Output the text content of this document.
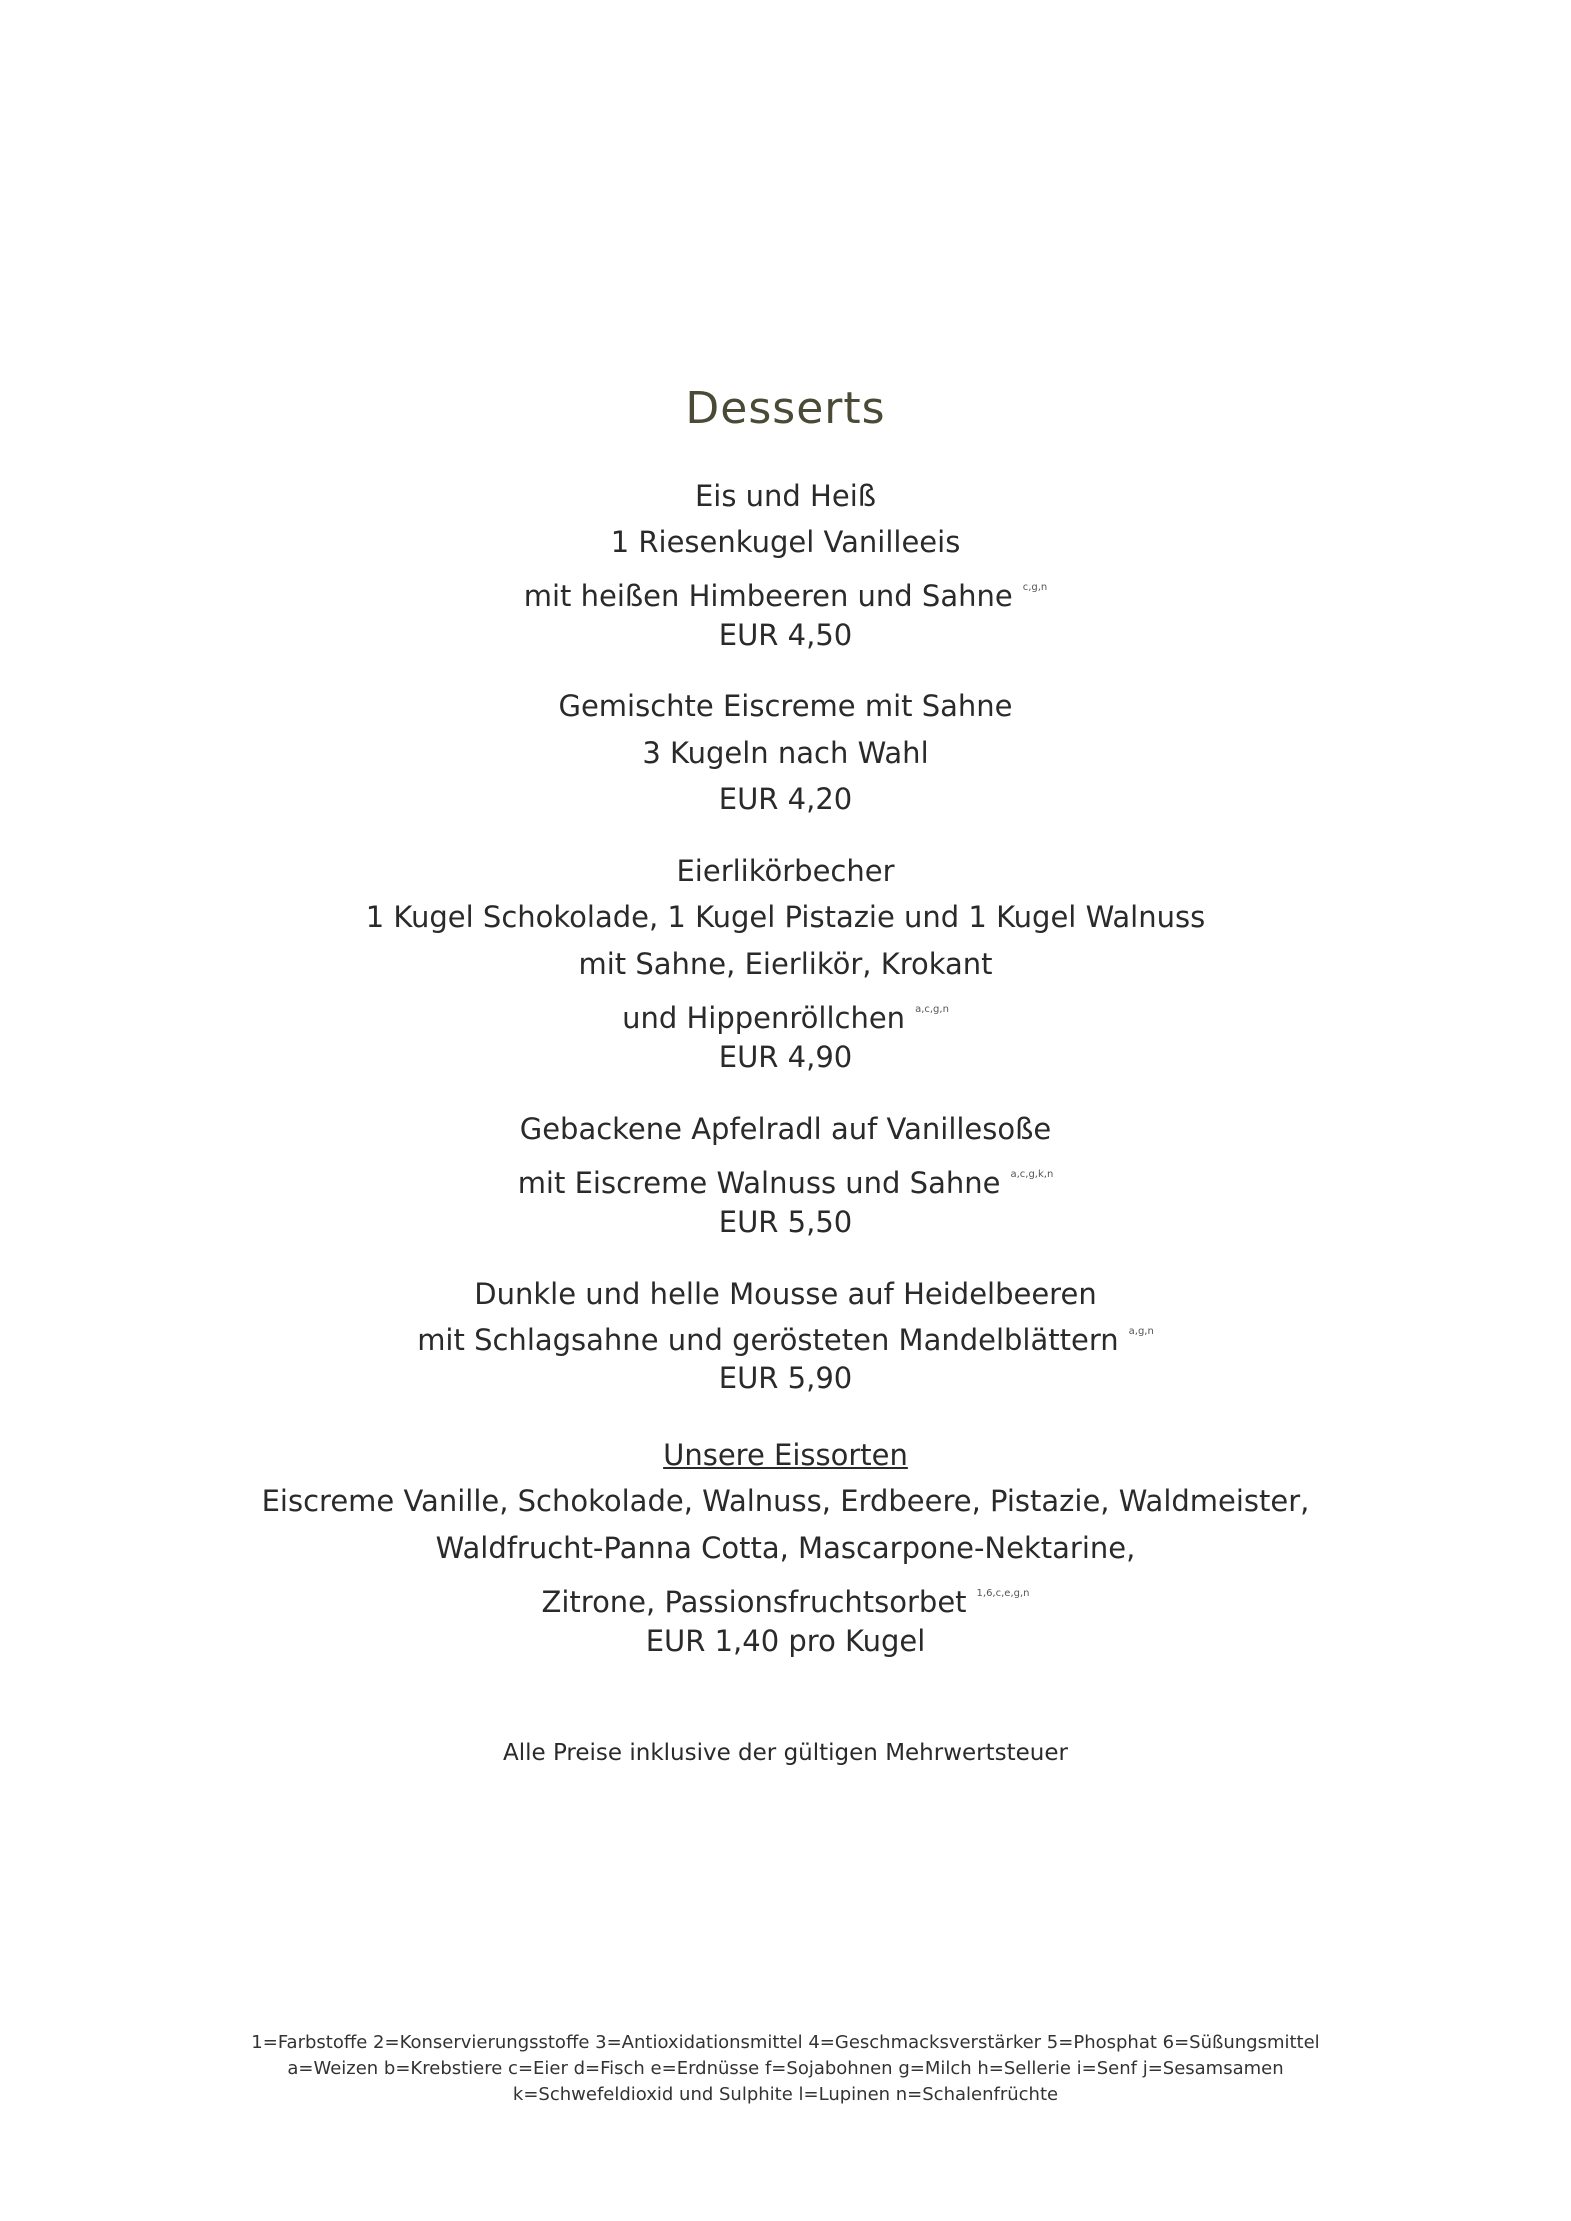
Desserts
Eis und Heiß
1 Riesenkugel Vanilleeis
mit heißen Himbeeren und Sahne $^{c,g,n}$
EUR 4,50
Gemischte Eiscreme mit Sahne
3 Kugeln nach Wahl
EUR 4,20
Eierlikörbecher
1 Kugel Schokolade, 1 Kugel Pistazie und 1 Kugel Walnuss
mit Sahne, Eierlikör, Krokant
und Hippenröllchen $^{a,c,g,n}$
EUR 4,90
Gebackene Apfelradl auf Vanillesoße
mit Eiscreme Walnuss und Sahne $^{a,c,g,k,n}$
EUR 5,50
Dunkle und helle Mousse auf Heidelbeeren
mit Schlagsahne und gerösteten Mandelblättern $^{a,g,n}$
EUR 5,90
Unsere Eissorten
Eiscreme Vanille, Schokolade, Walnuss, Erdbeere, Pistazie, Waldmeister,
Waldfrucht-Panna Cotta, Mascarpone-Nektarine,
Zitrone, Passionsfruchtsorbet $^{1,6,c,e,g,n}$
EUR 1,40 pro Kugel
Alle Preise inklusive der gültigen Mehrwertsteuer
1=Farbstoffe 2=Konservierungsstoffe 3=Antioxidationsmittel 4=Geschmacksverstärker 5=Phosphat 6=Süßungsmittel
a=Weizen b=Krebstiere c=Eier d=Fisch e=Erdnüsse f=Sojabohnen g=Milch h=Sellerie i=Senf j=Sesamsamen
k=Schwefeldioxid und Sulphite l=Lupinen n=Schalenfrüchte
